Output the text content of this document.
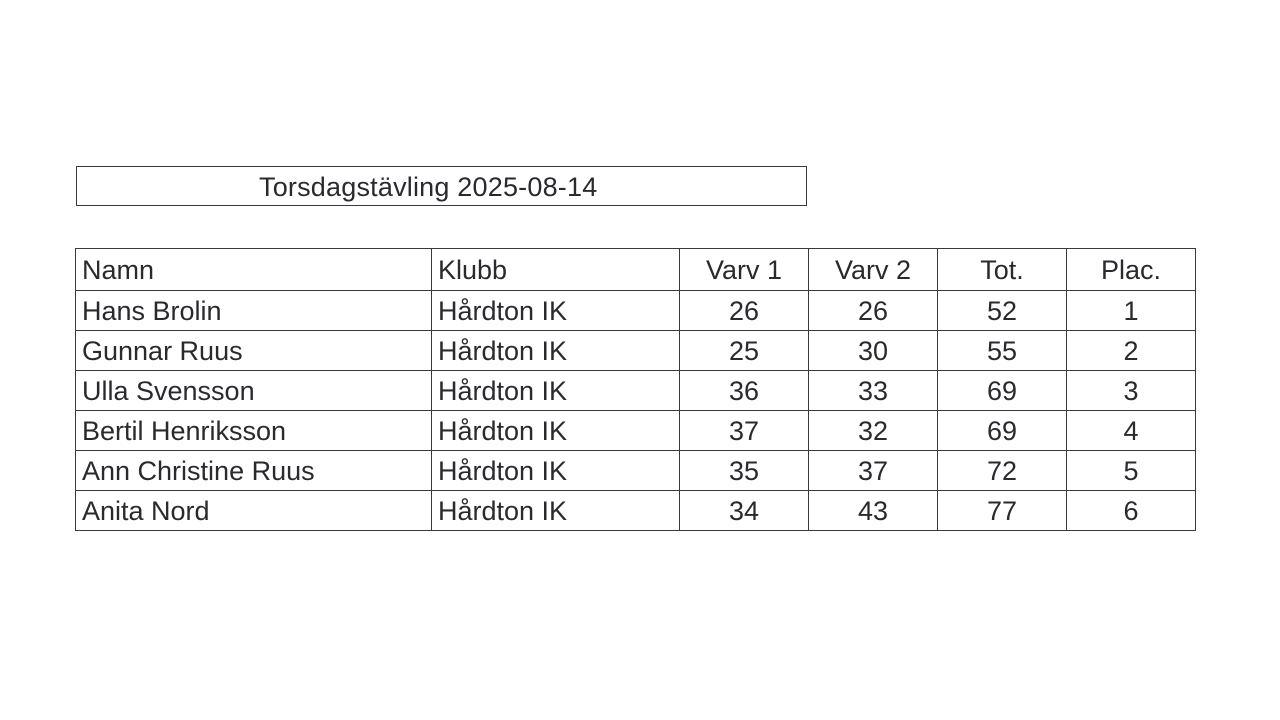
Torsdagstävling 2025-08-14
Namn	Klubb	Varv 1	Varv 2	Tot.	Plac.
Hans Brolin	Hårdton IK	26	26	52	1
Gunnar Ruus	Hårdton IK	25	30	55	2
Ulla Svensson	Hårdton IK	36	33	69	3
Bertil Henriksson	Hårdton IK	37	32	69	4
Ann Christine Ruus	Hårdton IK	35	37	72	5
Anita Nord	Hårdton IK	34	43	77	6
